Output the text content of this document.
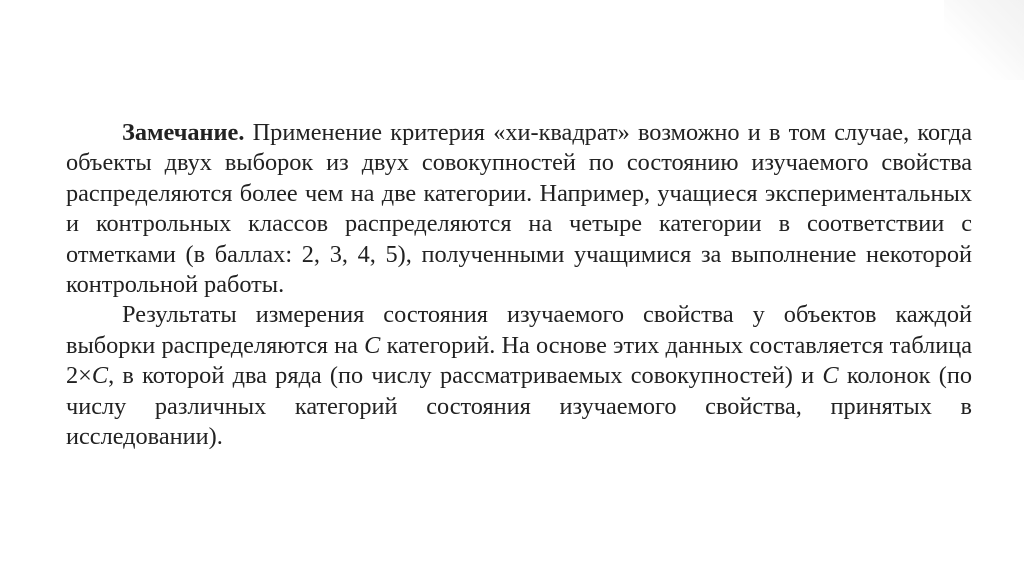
Замечание. Применение критерия «хи-квадрат» возможно и в том случае, когда объекты двух выборок из двух совокупностей по состоянию изучаемого свойства распределяются более чем на две категории. Например, учащиеся экспериментальных и контрольных классов распределяются на четыре категории в соответствии с отметками (в баллах: 2, 3, 4, 5), полученными учащимися за выполнение некоторой контрольной работы.

Результаты измерения состояния изучаемого свойства у объектов каждой выборки распределяются на С категорий. На основе этих данных составляется таблица 2×С, в которой два ряда (по числу рассматриваемых совокупностей) и С колонок (по числу различных категорий состояния изучаемого свойства, принятых в исследовании).
